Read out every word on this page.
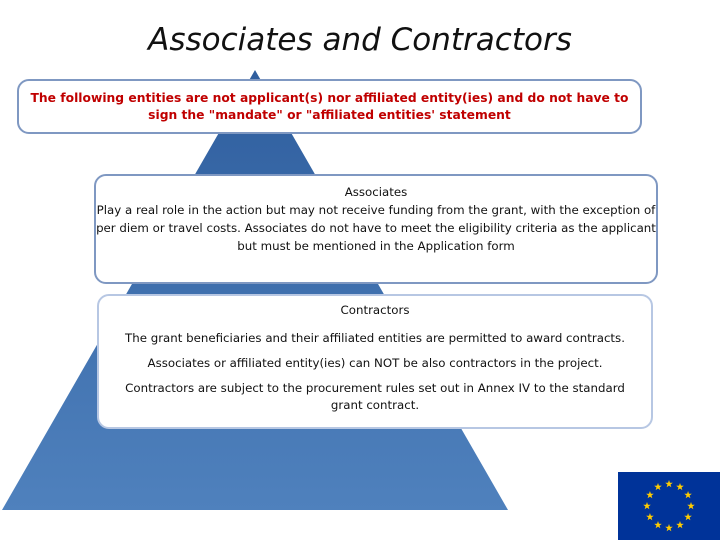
Associates and Contractors

The following entities are not applicant(s) nor affiliated entity(ies) and do not have to sign the "mandate" or "affiliated entities' statement

Associates

Play a real role in the action but may not receive funding from the grant, with the exception of per diem or travel costs. Associates do not have to meet the eligibility criteria as the applicant but must be mentioned in the Application form

Contractors

The grant beneficiaries and their affiliated entities are permitted to award contracts.

Associates or affiliated entity(ies) can NOT be also contractors in the project.

Contractors are subject to the procurement rules set out in Annex IV to the standard grant contract.
